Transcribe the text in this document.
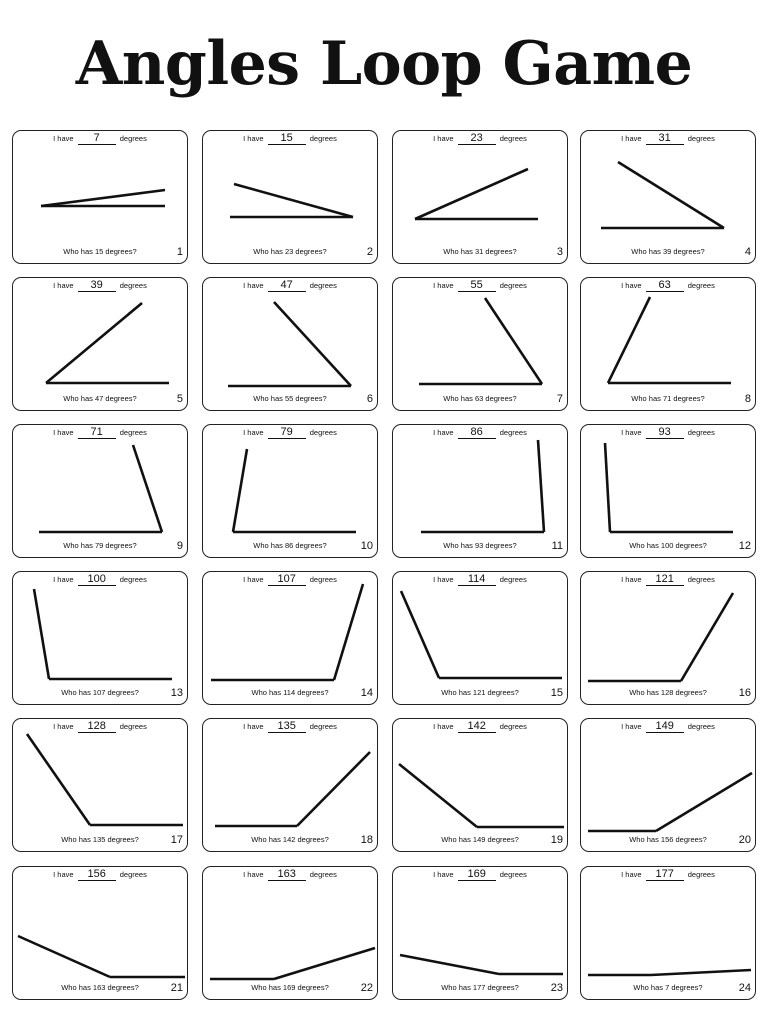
Angles Loop Game
I have 7	degrees
Who has 15 degrees?	1
I have 15 degrees
Who has 23 degrees?	2
I have 23 degrees
Who has 31 degrees?	3
I have 31 degrees
Who has 39 degrees?	4
I have 39 degrees
Who has 47 degrees?	5
I have 47 degrees
Who has 55 degrees?	6
I have 55 degrees
Who has 63 degrees?	7
I have 63 degrees
Who has 71 degrees?	8
I have 71 degrees
Who has 79 degrees?	9
I have 79 degrees
Who has 86 degrees?	10
I have 86 degrees
Who has 93 degrees?	11
I have 93 degrees
Who has 100 degrees?	12
I have 100 degrees
Who has 107 degrees?	13
I have 107 degrees
Who has 114 degrees?	14
I have 114 degrees
Who has 121 degrees?	15
I have 121 degrees
Who has 128 degrees?	16
I have 128 degrees
Who has 135 degrees?	17
I have 135 degrees
Who has 142 degrees?	18
I have 142 degrees
Who has 149 degrees?	19
I have 149 degrees
Who has 156 degrees?	20
I have 156 degrees
Who has 163 degrees?	21
I have 163 degrees
Who has 169 degrees?	22
I have 169 degrees
Who has 177 degrees?	23
I have 177 degrees
Who has 7 degrees?	24
